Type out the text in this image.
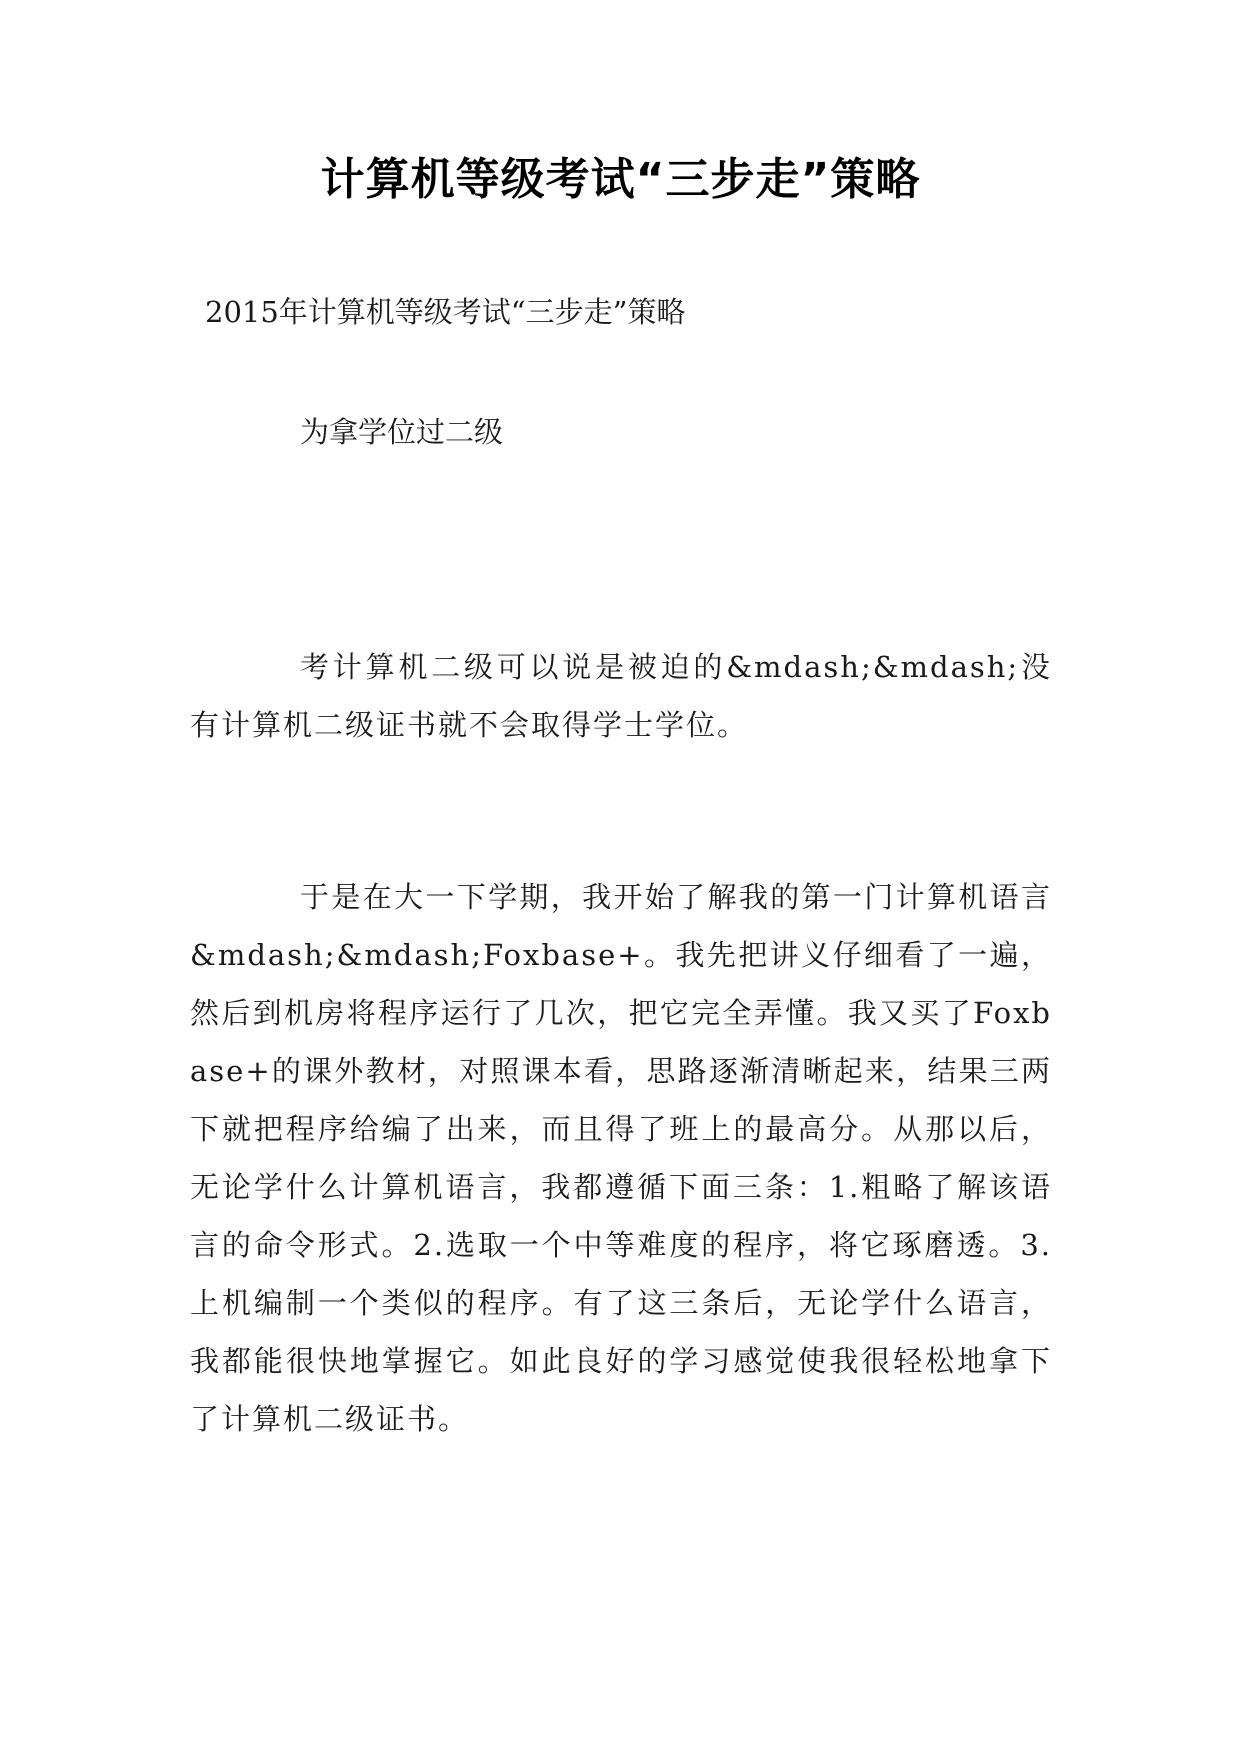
计算机等级考试“三步走”策略
2015年计算机等级考试“三步走”策略
为拿学位过二级
考计算机二级可以说是被迫的&mdash;&mdash;没有计算机二级证书就不会取得学士学位。
于是在大一下学期，我开始了解我的第一门计算机语言&mdash;&mdash;Foxbase+。我先把讲义仔细看了一遍，然后到机房将程序运行了几次，把它完全弄懂。我又买了Foxbase+的课外教材，对照课本看，思路逐渐清晰起来，结果三两下就把程序给编了出来，而且得了班上的最高分。从那以后，无论学什么计算机语言，我都遵循下面三条：1.粗略了解该语言的命令形式。2.选取一个中等难度的程序，将它琢磨透。3.上机编制一个类似的程序。有了这三条后，无论学什么语言，我都能很快地掌握它。如此良好的学习感觉使我很轻松地拿下了计算机二级证书。
